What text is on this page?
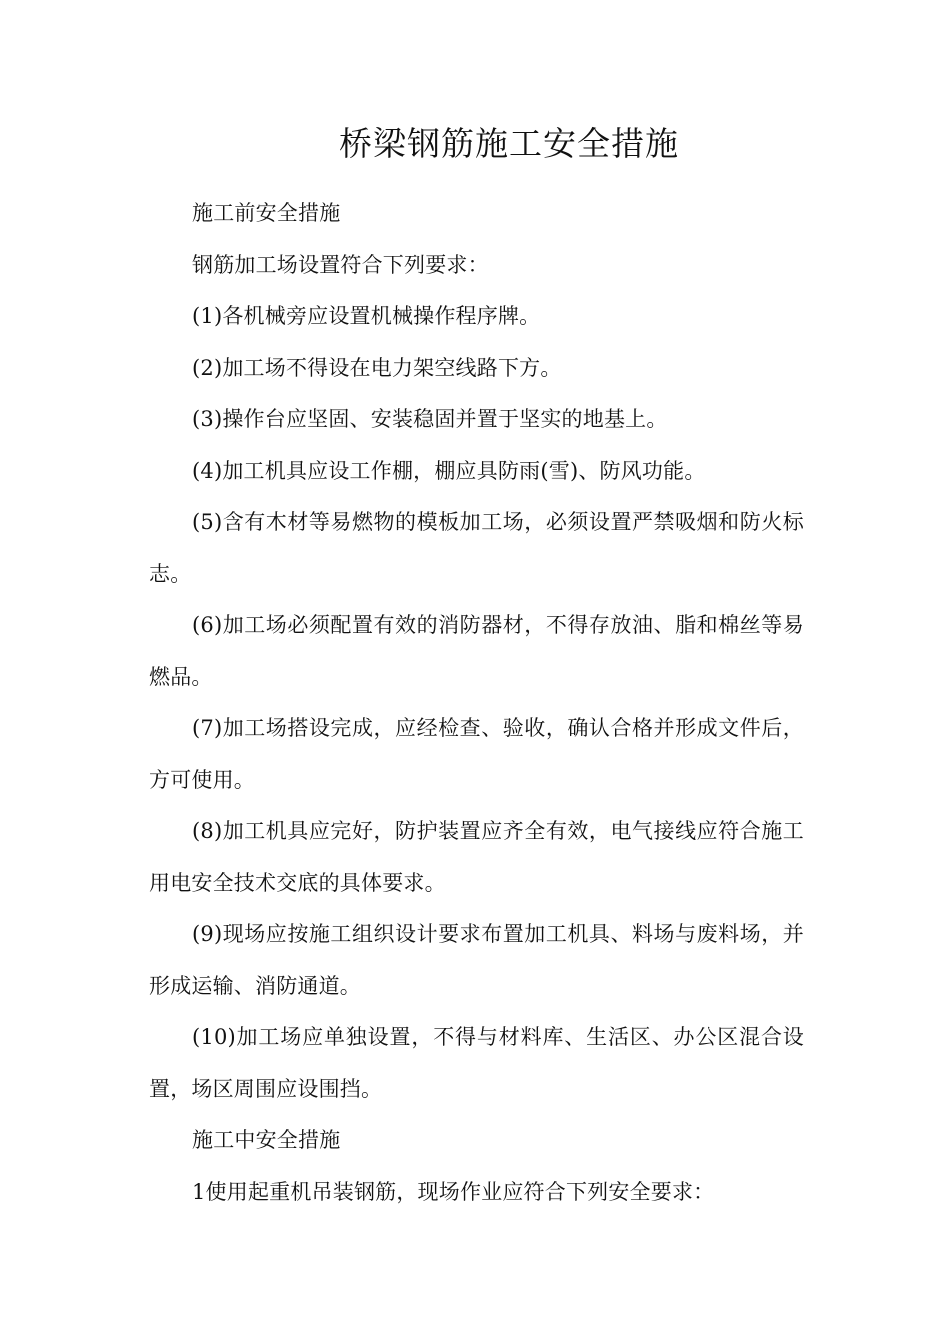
桥梁钢筋施工安全措施

施工前安全措施

钢筋加工场设置符合下列要求：

(1)各机械旁应设置机械操作程序牌。

(2)加工场不得设在电力架空线路下方。

(3)操作台应坚固、安装稳固并置于坚实的地基上。

(4)加工机具应设工作棚，棚应具防雨(雪)、防风功能。

(5)含有木材等易燃物的模板加工场，必须设置严禁吸烟和防火标志。

(6)加工场必须配置有效的消防器材，不得存放油、脂和棉丝等易燃品。

(7)加工场搭设完成，应经检查、验收，确认合格并形成文件后，方可使用。

(8)加工机具应完好，防护装置应齐全有效，电气接线应符合施工用电安全技术交底的具体要求。

(9)现场应按施工组织设计要求布置加工机具、料场与废料场，并形成运输、消防通道。

(10)加工场应单独设置，不得与材料库、生活区、办公区混合设置，场区周围应设围挡。

施工中安全措施

1使用起重机吊装钢筋，现场作业应符合下列安全要求：
